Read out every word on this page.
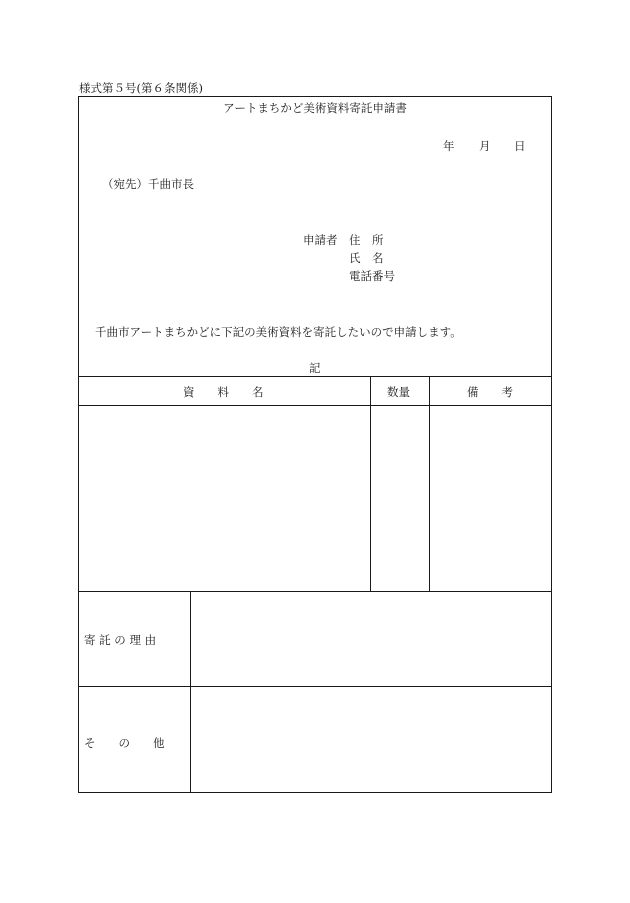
様式第５号(第６条関係)
アートまちかど美術資料寄託申請書
年 月 日
（宛先）千曲市長
申請者 住　所
氏　名
電話番号
千曲市アートまちかどに下記の美術資料を寄託したいので申請します。
記
資　　料　　名	数量	備　　考
寄 託 の 理 由
そ　　の　　他
